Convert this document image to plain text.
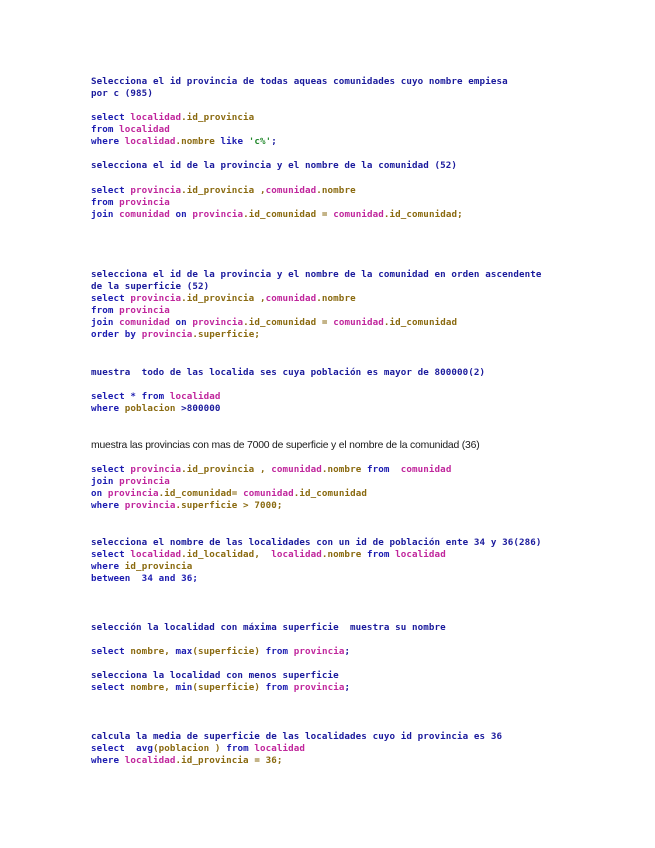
Selecciona el id provincia de todas aqueas comunidades cuyo nombre empiesa
por c (985)
select localidad.id_provincia
from localidad
where localidad.nombre like 'c%';
selecciona el id de la provincia y el nombre de la comunidad (52)
select provincia.id_provincia ,comunidad.nombre
from provincia
join comunidad on provincia.id_comunidad = comunidad.id_comunidad;
selecciona el id de la provincia y el nombre de la comunidad en orden ascendente
de la superficie (52)
select provincia.id_provincia ,comunidad.nombre
from provincia
join comunidad on provincia.id_comunidad = comunidad.id_comunidad
order by provincia.superficie;
muestra  todo de las localida ses cuya población es mayor de 800000(2)
select * from localidad
where poblacion >800000
muestra las provincias con mas de 7000 de superficie y el nombre de la comunidad (36)
select provincia.id_provincia , comunidad.nombre from  comunidad
join provincia
on provincia.id_comunidad= comunidad.id_comunidad
where provincia.superficie > 7000;
selecciona el nombre de las localidades con un id de población ente 34 y 36(286)
select localidad.id_localidad,  localidad.nombre from localidad
where id_provincia
between  34 and 36;
selección la localidad con máxima superficie  muestra su nombre
select nombre, max(superficie) from provincia;
selecciona la localidad con menos superficie
select nombre, min(superficie) from provincia;
calcula la media de superficie de las localidades cuyo id provincia es 36
select  avg(poblacion ) from localidad
where localidad.id_provincia = 36;
